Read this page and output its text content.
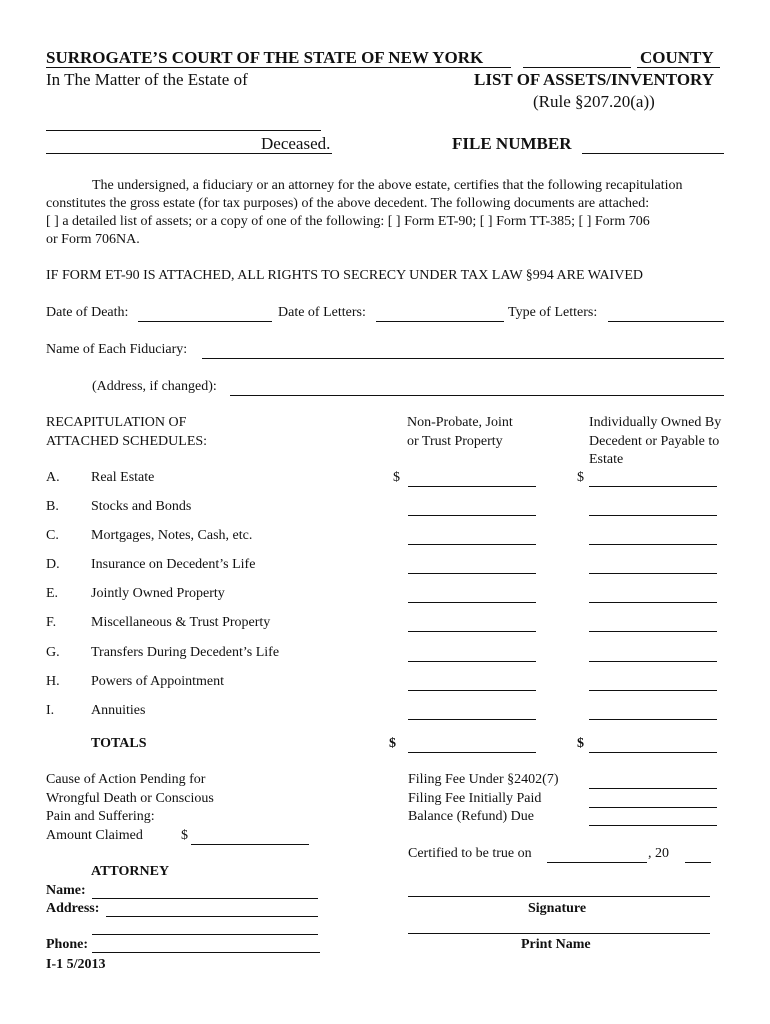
SURROGATE’S COURT OF THE STATE OF NEW YORK	COUNTY
In The Matter of the Estate of	LIST OF ASSETS/INVENTORY
(Rule §207.20(a))
Deceased.	FILE NUMBER
The undersigned, a fiduciary or an attorney for the above estate, certifies that the following recapitulation
constitutes the gross estate (for tax purposes) of the above decedent. The following documents are attached:
[ ] a detailed list of assets; or a copy of one of the following: [ ] Form ET-90; [ ] Form TT-385; [ ] Form 706
or Form 706NA.
IF FORM ET-90 IS ATTACHED, ALL RIGHTS TO SECRECY UNDER TAX LAW §994 ARE WAIVED
Date of Death:	Date of Letters:	Type of Letters:
Name of Each Fiduciary:
(Address, if changed):
RECAPITULATION OF
ATTACHED SCHEDULES:
Non-Probate, Joint
or Trust Property
Individually Owned By
Decedent or Payable to
Estate
A. Real Estate	$	$
B. Stocks and Bonds
C. Mortgages, Notes, Cash, etc.
D. Insurance on Decedent’s Life
E. Jointly Owned Property
F. Miscellaneous & Trust Property
G. Transfers During Decedent’s Life
H. Powers of Appointment
I.	Annuities
TOTALS	$	$
Cause of Action Pending for
Wrongful Death or Conscious
Pain and Suffering:
Amount Claimed	$
Filing Fee Under §2402(7)
Filing Fee Initially Paid
Balance (Refund) Due
Certified to be true on	, 20
ATTORNEY
Name:
Address:
Phone:
Signature
Print Name
I-1 5/2013
